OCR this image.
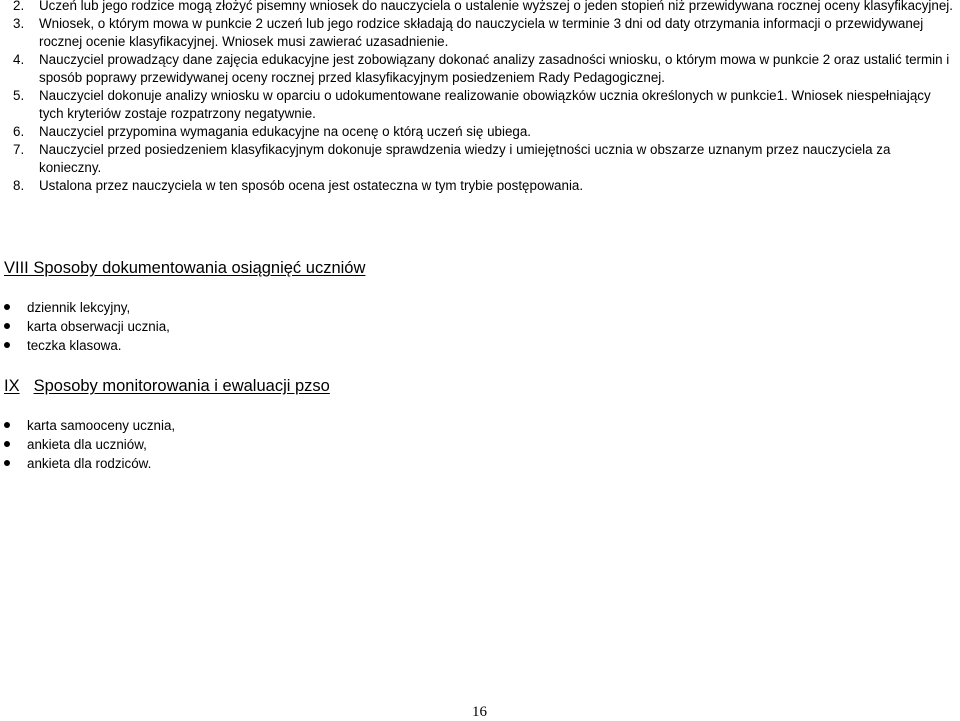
2. Uczeń lub jego rodzice mogą złożyć pisemny wniosek do nauczyciela o ustalenie wyższej o jeden stopień niż przewidywana rocznej oceny klasyfikacyjnej.
3. Wniosek, o którym mowa w punkcie 2 uczeń lub jego rodzice składają do nauczyciela w terminie 3 dni od daty otrzymania informacji o przewidywanej rocznej ocenie klasyfikacyjnej. Wniosek musi zawierać uzasadnienie.
4. Nauczyciel prowadzący dane zajęcia edukacyjne jest zobowiązany dokonać analizy zasadności wniosku, o którym mowa w punkcie 2 oraz ustalić termin i sposób poprawy przewidywanej oceny rocznej przed klasyfikacyjnym posiedzeniem Rady Pedagogicznej.
5. Nauczyciel dokonuje analizy wniosku w oparciu o udokumentowane realizowanie obowiązków ucznia określonych w punkcie1. Wniosek niespełniający tych kryteriów zostaje rozpatrzony negatywnie.
6. Nauczyciel przypomina wymagania edukacyjne na ocenę o którą uczeń się ubiega.
7. Nauczyciel przed posiedzeniem klasyfikacyjnym dokonuje sprawdzenia wiedzy i umiejętności ucznia w obszarze uznanym przez nauczyciela za konieczny.
8. Ustalona przez nauczyciela w ten sposób ocena jest ostateczna w tym trybie postępowania.
VIII Sposoby dokumentowania osiągnięć uczniów
dziennik lekcyjny,
karta obserwacji ucznia,
teczka klasowa.
IX Sposoby monitorowania i ewaluacji pzso
karta samooceny ucznia,
ankieta dla uczniów,
ankieta dla rodziców.
16
